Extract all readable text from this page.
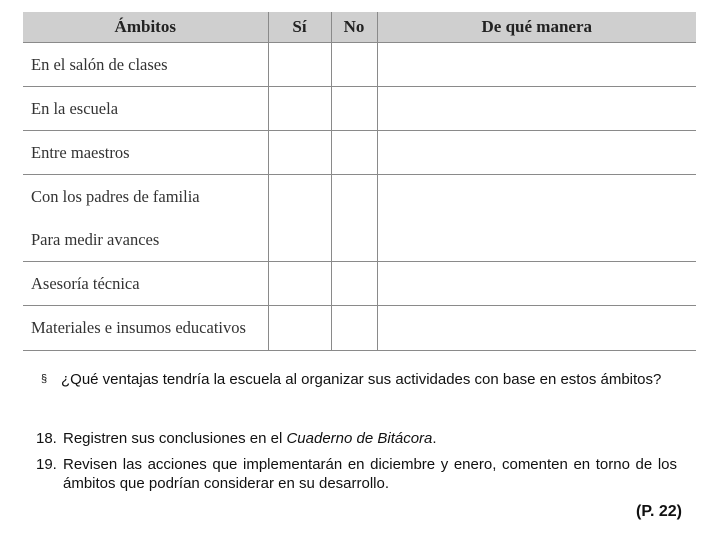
Ámbitos	Sí	No	De qué manera
En el salón de clases			
En la escuela			
Entre maestros			
Con los padres de familia			
Para medir avances			
Asesoría técnica			
Materiales e insumos educativos			
§ ¿Qué ventajas tendría la escuela al organizar sus actividades con base en estos ámbitos?
18. Registren sus conclusiones en el Cuaderno de Bitácora.
19. Revisen las acciones que implementarán en diciembre y enero, comenten en torno de los ámbitos que podrían considerar en su desarrollo.
(P. 22)
